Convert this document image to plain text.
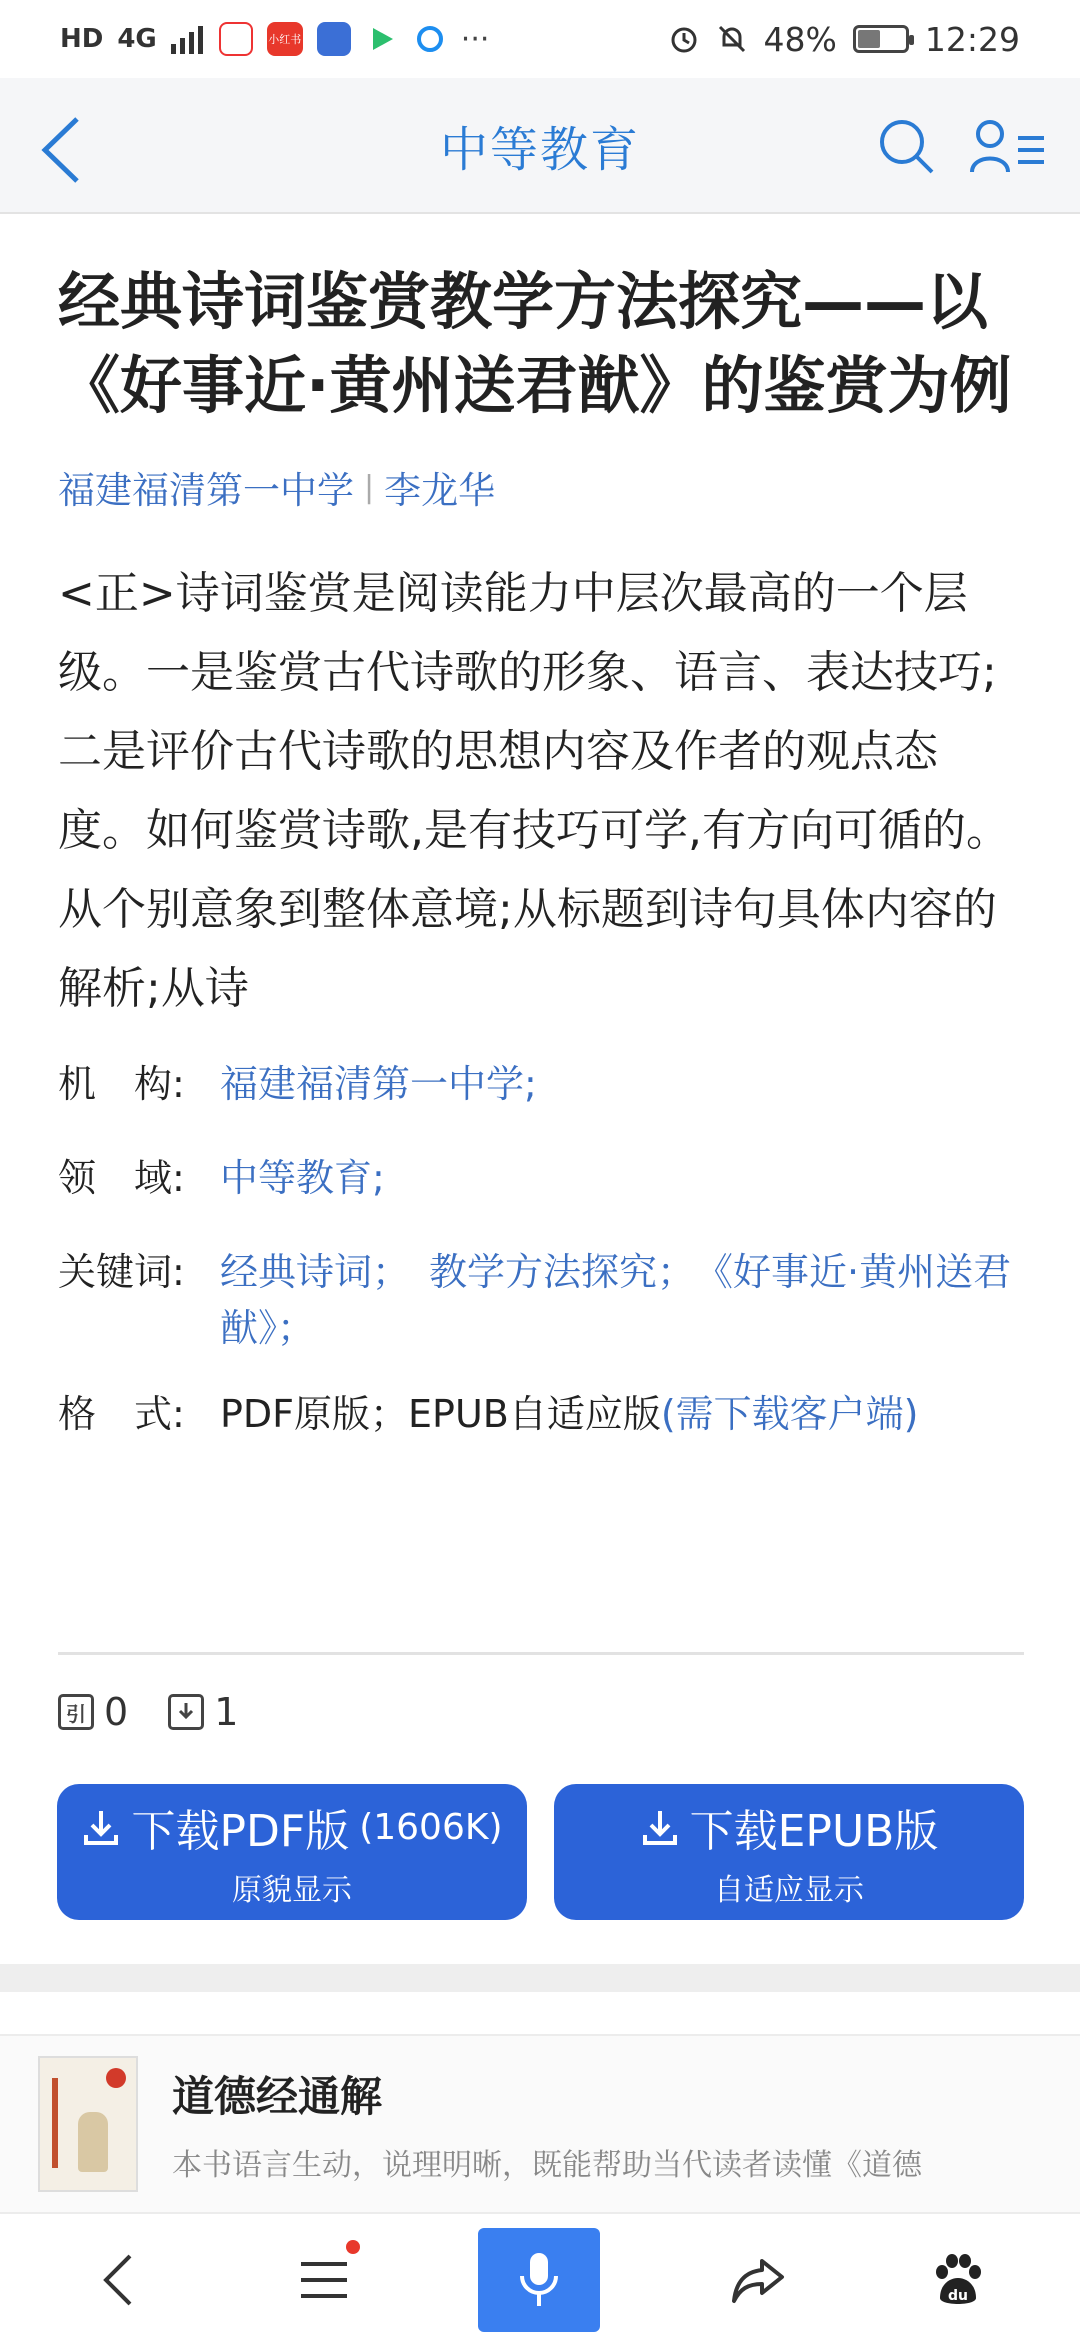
HD 4G	小红书	···	48%	12:29
中等教育
经典诗词鉴赏教学方法探究——以《好事近·黄州送君猷》的鉴赏为例
福建福清第一中学 | 李龙华

<正>诗词鉴赏是阅读能力中层次最高的一个层级。一是鉴赏古代诗歌的形象、语言、表达技巧;二是评价古代诗歌的思想内容及作者的观点态度。如何鉴赏诗歌,是有技巧可学,有方向可循的。从个别意象到整体意境;从标题到诗句具体内容的解析;从诗

机　构: 福建福清第一中学;
领　域: 中等教育;
关键词: 经典诗词；　教学方法探究；　《好事近·黄州送君猷》；
格　式: PDF原版；EPUB自适应版(需下载客户端)
引 0 1
下载PDF版 (1606K)
原貌显示
下载EPUB版
自适应显示
道德经通解
本书语言生动，说理明晰，既能帮助当代读者读懂《道德
du
